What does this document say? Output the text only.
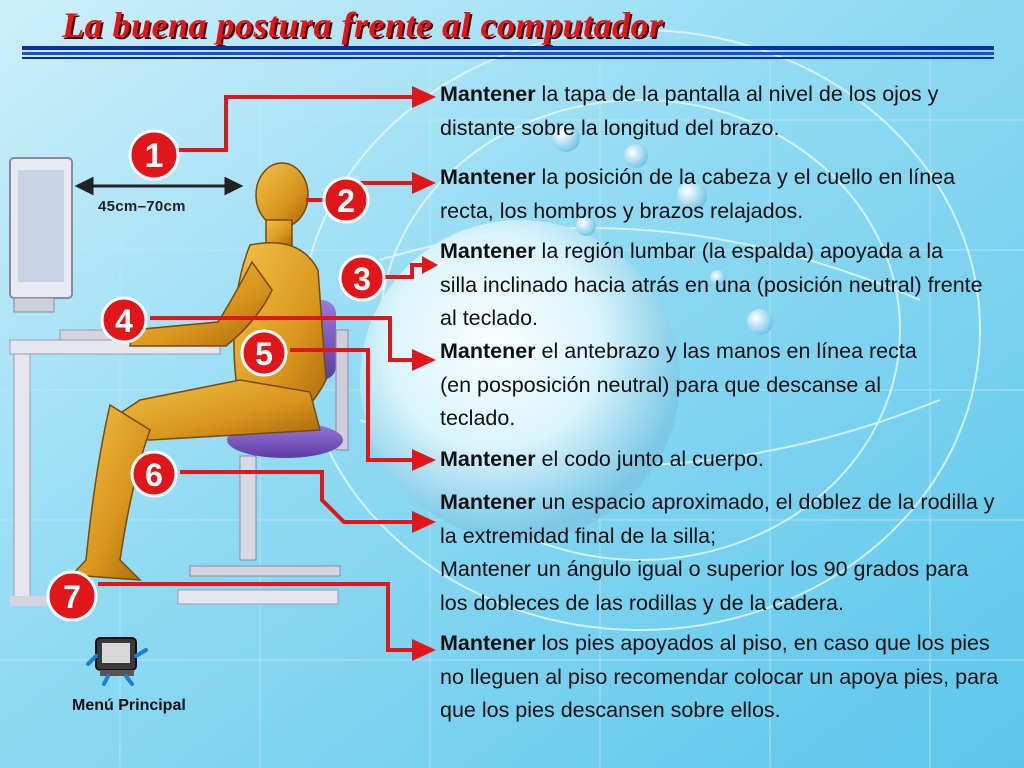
1
2
3
4
5
6
7
La buena postura frente al computador
45cm–70cm

Mantener la tapa de la pantalla al nivel de los ojos y distante sobre la longitud del brazo.

Mantener la posición de la cabeza y el cuello en línea recta, los hombros y brazos relajados.

Mantener la región lumbar (la espalda) apoyada a la silla inclinado hacia atrás en una (posición neutral) frente al teclado.

Mantener el antebrazo y las manos en línea recta (en posposición neutral) para que descanse al teclado.

Mantener el codo junto al cuerpo.

Mantener un espacio aproximado, el doblez de la rodilla y la extremidad final de la silla;
Mantener un ángulo igual o superior los 90 grados para los dobleces de las rodillas y de la cadera.

Mantener los pies apoyados al piso, en caso que los pies no lleguen al piso recomendar colocar un apoya pies, para que los pies descansen sobre ellos.

Menú Principal
